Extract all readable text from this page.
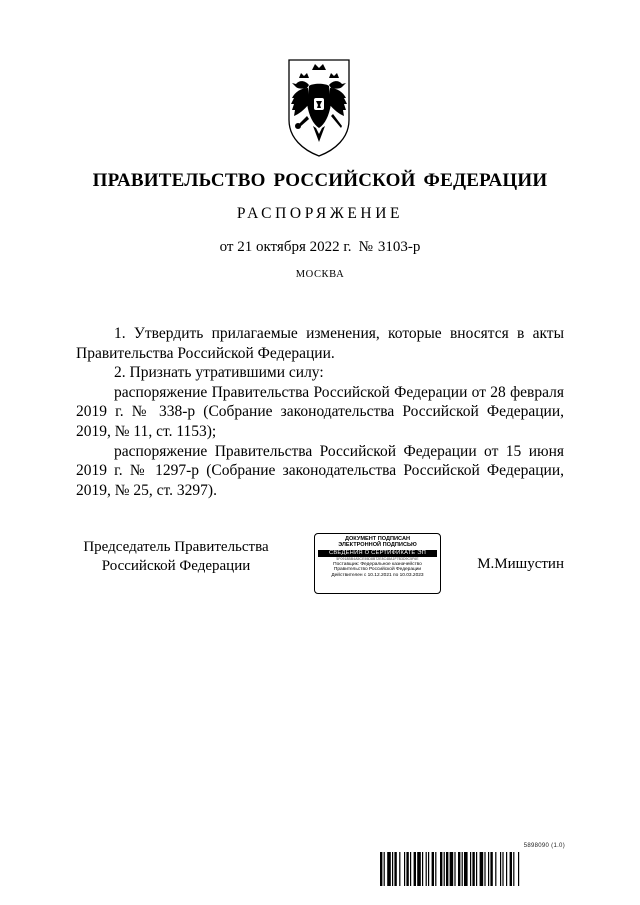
ПРАВИТЕЛЬСТВО РОССИЙСКОЙ ФЕДЕРАЦИИ

РАСПОРЯЖЕНИЕ

от 21 октября 2022 г. № 3103-р

МОСКВА

1. Утвердить прилагаемые изменения, которые вносятся в акты Правительства Российской Федерации.

2. Признать утратившими силу:

распоряжение Правительства Российской Федерации от 28 февраля 2019 г. № 338-р (Собрание законодательства Российской Федерации, 2019, № 11, ст. 1153);

распоряжение Правительства Российской Федерации от 15 июня 2019 г. № 1297-р (Собрание законодательства Российской Федерации, 2019, № 25, ст. 3297).

Председатель Правительства
Российской Федерации
ДОКУМЕНТ ПОДПИСАН
ЭЛЕКТРОННОЙ ПОДПИСЬЮ
СВЕДЕНИЯ О СЕРТИФИКАТЕ ЭП
5F0918BB4A5CE55D8B72E8C48A1F7B3D9C5F6E
Поставщик: Федеральное казначейство
Правительство Российской Федерации
Действителен с 10.12.2021 по 10.03.2023
М.Мишустин
5898090 (1.0)
